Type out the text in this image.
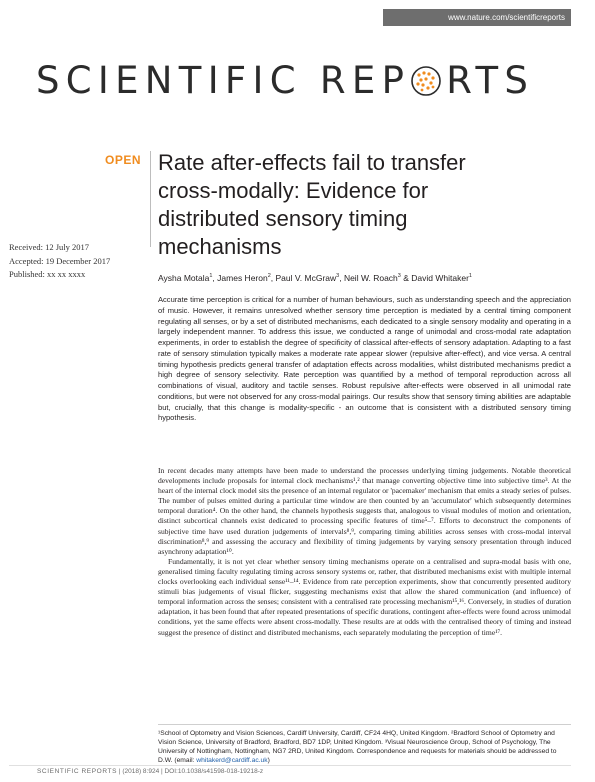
www.nature.com/scientificreports
SCIENTIFIC REP RTS
OPEN Rate after-effects fail to transfer
cross-modally: Evidence for
distributed sensory timing
mechanisms
Received: 12 July 2017
Accepted: 19 December 2017
Published: xx xx xxxx	Aysha Motala$^1$, James Heron$^2$, Paul V. McGraw$^3$, Neil W. Roach$^3$ & David Whitaker$^1$
Accurate time perception is critical for a number of human behaviours, such as understanding speech and the appreciation of music. However, it remains unresolved whether sensory time perception is mediated by a central timing component regulating all senses, or by a set of distributed mechanisms, each dedicated to a single sensory modality and operating in a largely independent manner. To address this issue, we conducted a range of unimodal and cross-modal rate adaptation experiments, in order to establish the degree of specificity of classical after-effects of sensory adaptation. Adapting to a fast rate of sensory stimulation typically makes a moderate rate appear slower (repulsive after-effect), and vice versa. A central timing hypothesis predicts general transfer of adaptation effects across modalities, whilst distributed mechanisms predict a high degree of sensory selectivity. Rate perception was quantified by a method of temporal reproduction across all combinations of visual, auditory and tactile senses. Robust repulsive after-effects were observed in all unimodal rate conditions, but were not observed for any cross-modal pairings. Our results show that sensory timing abilities are adaptable but, crucially, that this change is modality-specific - an outcome that is consistent with a distributed sensory timing hypothesis.

In recent decades many attempts have been made to understand the processes underlying timing judgements. Notable theoretical developments include proposals for internal clock mechanisms¹,² that manage converting objective time into subjective time³. At the heart of the internal clock model sits the presence of an internal regulator or 'pacemaker' mechanism that emits a steady series of pulses. The number of pulses emitted during a particular time window are then counted by an 'accumulator' which subsequently determines temporal duration⁴. On the other hand, the channels hypothesis suggests that, analogous to visual modules of motion and orientation, distinct subcortical channels exist dedicated to processing specific features of time⁵–⁷. Efforts to deconstruct the components of subjective time have used duration judgements of intervals⁸,⁹, comparing timing abilities across senses with cross-modal interval discrimination⁸,⁹ and assessing the accuracy and flexibility of timing judgements by varying sensory presentation through induced asynchrony adaptation¹⁰.

Fundamentally, it is not yet clear whether sensory timing mechanisms operate on a centralised and supra-modal basis with one, generalised timing faculty regulating timing across sensory systems or, rather, that distributed mechanisms exist with multiple internal clocks overlooking each individual sense¹¹–¹⁴. Evidence from rate perception experiments, show that concurrently presented auditory stimuli bias judgements of visual flicker, suggesting mechanisms exist that allow the shared communication (and influence) of temporal information across the senses; consistent with a centralised rate processing mechanism¹⁵,¹⁶. Conversely, in studies of duration adaptation, it has been found that after repeated presentations of specific durations, contingent after-effects were found across unimodal conditions, yet the same effects were absent cross-modally. These results are at odds with the centralised theory of timing and instead suggest the presence of distinct and distributed mechanisms, each separately modulating the perception of time¹⁷.

¹School of Optometry and Vision Sciences, Cardiff University, Cardiff, CF24 4HQ, United Kingdom. ²Bradford School of Optometry and Vision Science, University of Bradford, Bradford, BD7 1DP, United Kingdom. ³Visual Neuroscience Group, School of Psychology, The University of Nottingham, Nottingham, NG7 2RD, United Kingdom. Correspondence and requests for materials should be addressed to D.W. (email: whitakerd@cardiff.ac.uk)
SCIENTIFIC REPORTS | (2018) 8:924 | DOI:10.1038/s41598-018-19218-z
